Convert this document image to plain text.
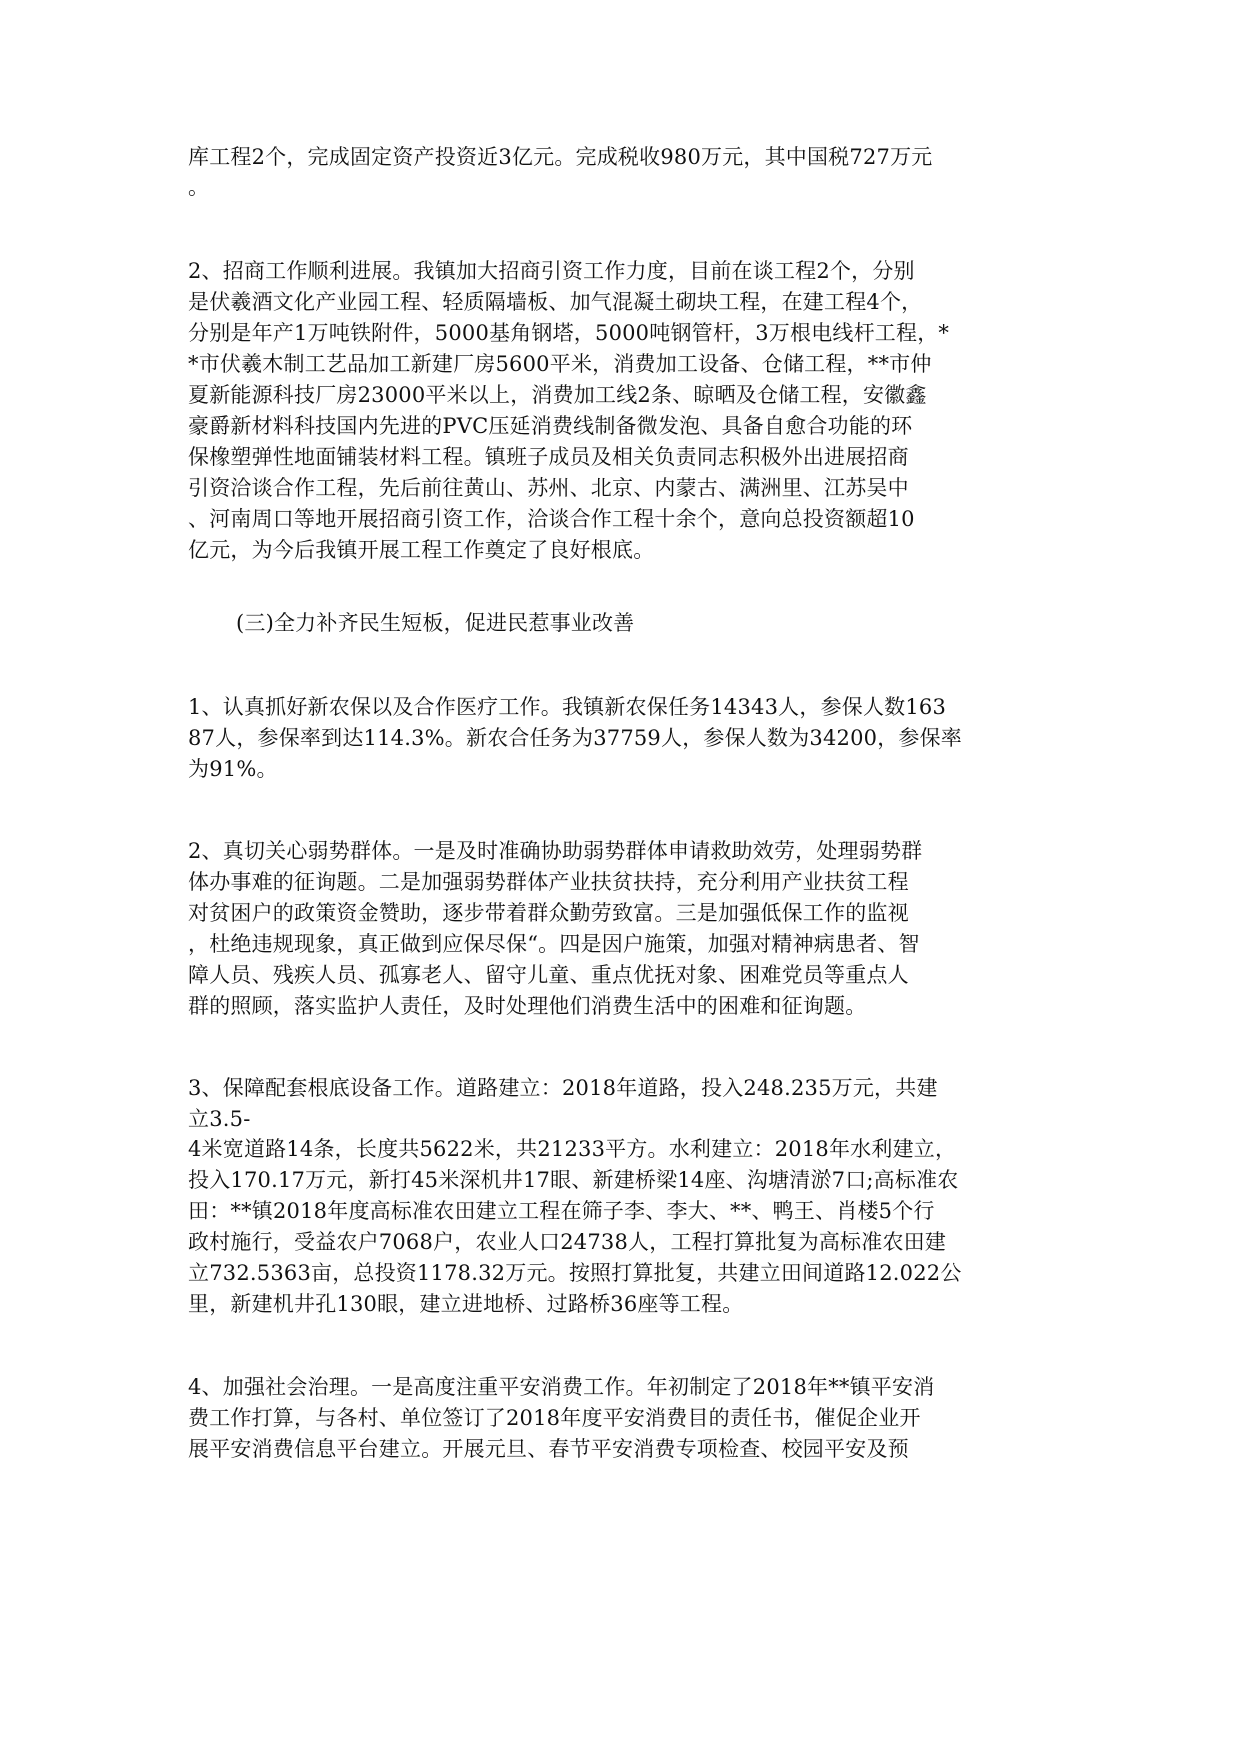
库工程2个，完成固定资产投资近3亿元。完成税收980万元，其中国税727万元
。
2、招商工作顺利进展。我镇加大招商引资工作力度，目前在谈工程2个，分别
是伏羲酒文化产业园工程、轻质隔墙板、加气混凝土砌块工程，在建工程4个，
分别是年产1万吨铁附件，5000基角钢塔，5000吨钢管杆，3万根电线杆工程，*
*市伏羲木制工艺品加工新建厂房5600平米，消费加工设备、仓储工程，**市仲
夏新能源科技厂房23000平米以上，消费加工线2条、晾晒及仓储工程，安徽鑫
豪爵新材料科技国内先进的PVC压延消费线制备微发泡、具备自愈合功能的环
保橡塑弹性地面铺装材料工程。镇班子成员及相关负责同志积极外出进展招商
引资洽谈合作工程，先后前往黄山、苏州、北京、内蒙古、满洲里、江苏吴中
、河南周口等地开展招商引资工作，洽谈合作工程十余个，意向总投资额超10
亿元，为今后我镇开展工程工作奠定了良好根底。
(三)全力补齐民生短板，促进民惹事业改善
1、认真抓好新农保以及合作医疗工作。我镇新农保任务14343人，参保人数163
87人，参保率到达114.3%。新农合任务为37759人，参保人数为34200，参保率
为91%。
2、真切关心弱势群体。一是及时准确协助弱势群体申请救助效劳，处理弱势群
体办事难的征询题。二是加强弱势群体产业扶贫扶持，充分利用产业扶贫工程
对贫困户的政策资金赞助，逐步带着群众勤劳致富。三是加强低保工作的监视
，杜绝违规现象，真正做到应保尽保“。四是因户施策，加强对精神病患者、智
障人员、残疾人员、孤寡老人、留守儿童、重点优抚对象、困难党员等重点人
群的照顾，落实监护人责任，及时处理他们消费生活中的困难和征询题。
3、保障配套根底设备工作。道路建立：2018年道路，投入248.235万元，共建
立3.5-
4米宽道路14条，长度共5622米，共21233平方。水利建立：2018年水利建立，
投入170.17万元，新打45米深机井17眼、新建桥梁14座、沟塘清淤7口;高标准农
田：**镇2018年度高标准农田建立工程在筛子李、李大、**、鸭王、肖楼5个行
政村施行，受益农户7068户，农业人口24738人，工程打算批复为高标准农田建
立732.5363亩，总投资1178.32万元。按照打算批复，共建立田间道路12.022公
里，新建机井孔130眼，建立进地桥、过路桥36座等工程。
4、加强社会治理。一是高度注重平安消费工作。年初制定了2018年**镇平安消
费工作打算，与各村、单位签订了2018年度平安消费目的责任书，催促企业开
展平安消费信息平台建立。开展元旦、春节平安消费专项检查、校园平安及预
